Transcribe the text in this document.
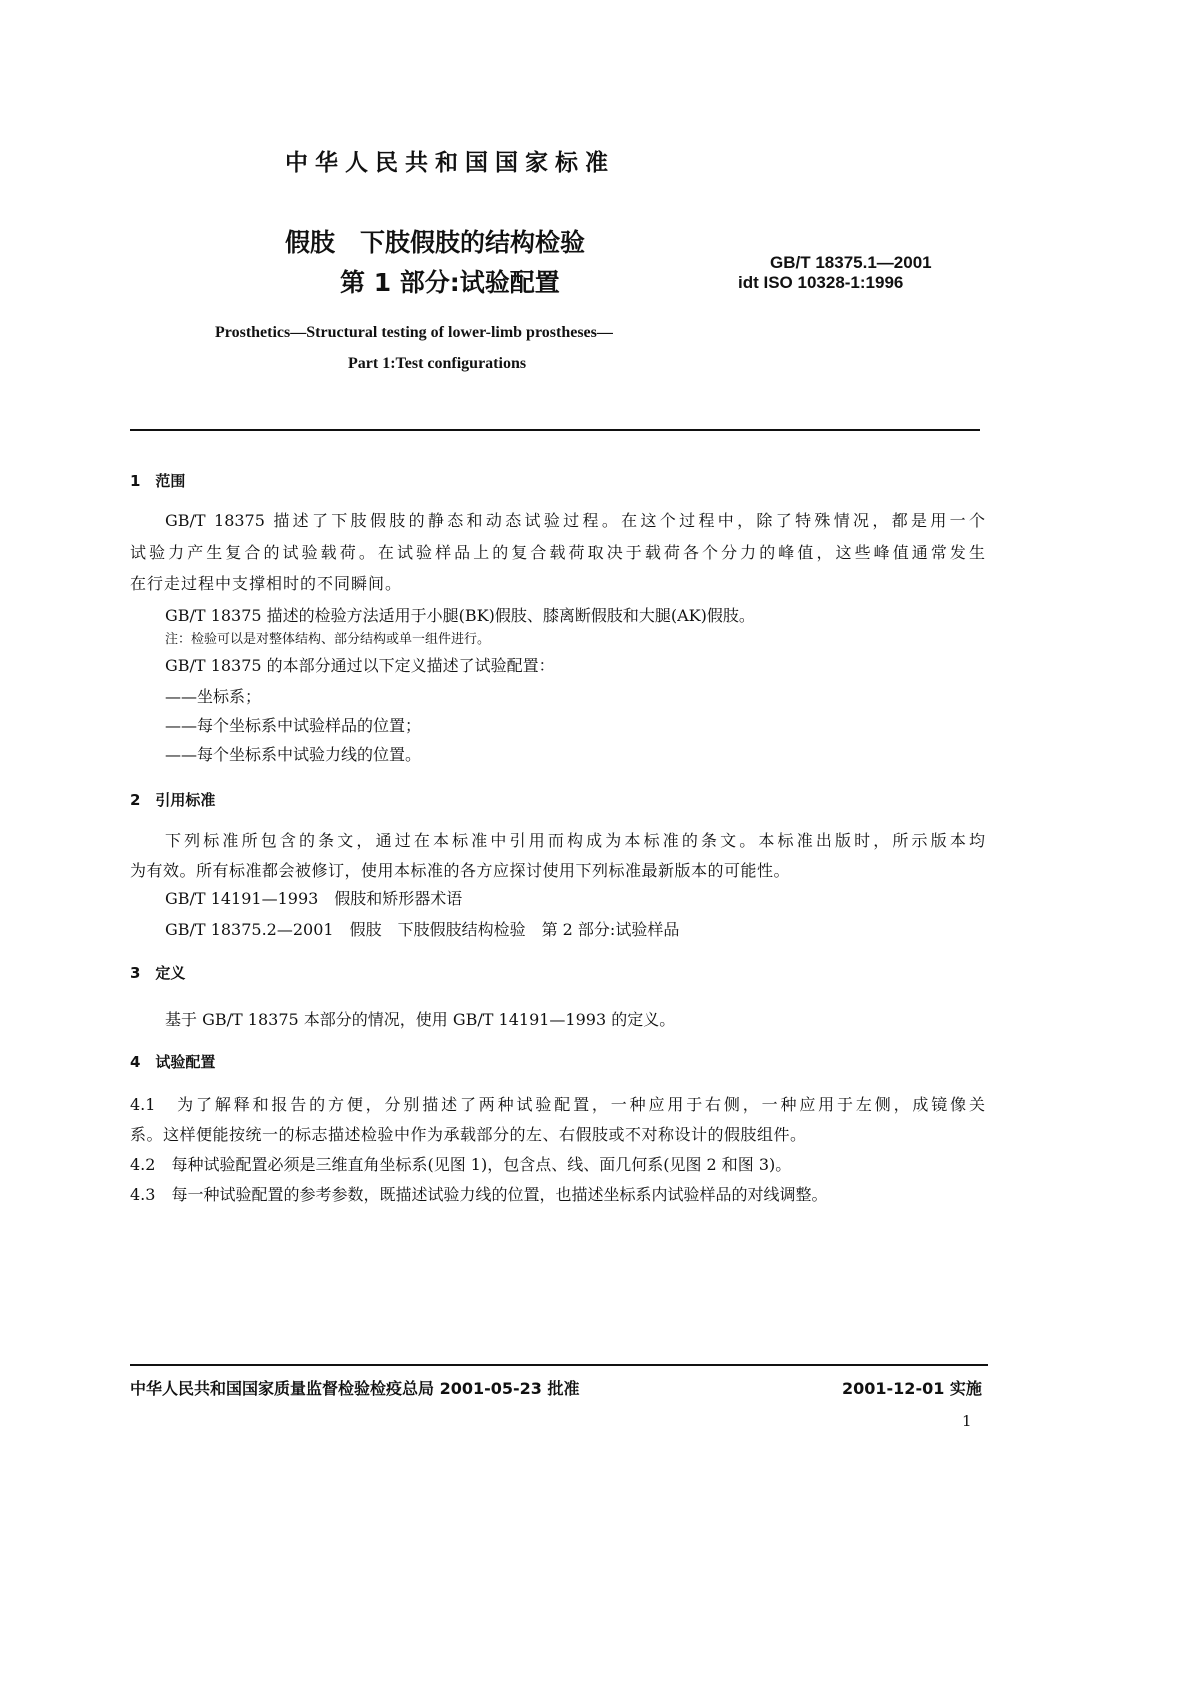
中华人民共和国国家标准
假肢　下肢假肢的结构检验
第 1 部分:试验配置
GB/T 18375.1—2001
idt ISO 10328-1:1996
Prosthetics—Structural testing of lower-limb prostheses—
Part 1:Test configurations
1　范围
GB/T 18375 描述了下肢假肢的静态和动态试验过程。在这个过程中，除了特殊情况，都是用一个
试验力产生复合的试验载荷。在试验样品上的复合载荷取决于载荷各个分力的峰值，这些峰值通常发生
在行走过程中支撑相时的不同瞬间。
GB/T 18375 描述的检验方法适用于小腿(BK)假肢、膝离断假肢和大腿(AK)假肢。
注：检验可以是对整体结构、部分结构或单一组件进行。
GB/T 18375 的本部分通过以下定义描述了试验配置：
——坐标系；
——每个坐标系中试验样品的位置；
——每个坐标系中试验力线的位置。
2　引用标准
下列标准所包含的条文，通过在本标准中引用而构成为本标准的条文。本标准出版时，所示版本均
为有效。所有标准都会被修订，使用本标准的各方应探讨使用下列标准最新版本的可能性。
GB/T 14191—1993　假肢和矫形器术语
GB/T 18375.2—2001　假肢　下肢假肢结构检验　第 2 部分:试验样品
3　定义
基于 GB/T 18375 本部分的情况，使用 GB/T 14191—1993 的定义。
4　试验配置
4.1　为了解释和报告的方便，分别描述了两种试验配置，一种应用于右侧，一种应用于左侧，成镜像关
系。这样便能按统一的标志描述检验中作为承载部分的左、右假肢或不对称设计的假肢组件。
4.2　每种试验配置必须是三维直角坐标系(见图 1)，包含点、线、面几何系(见图 2 和图 3)。
4.3　每一种试验配置的参考参数，既描述试验力线的位置，也描述坐标系内试验样品的对线调整。
中华人民共和国国家质量监督检验检疫总局 2001-05-23 批准	2001-12-01 实施
1
